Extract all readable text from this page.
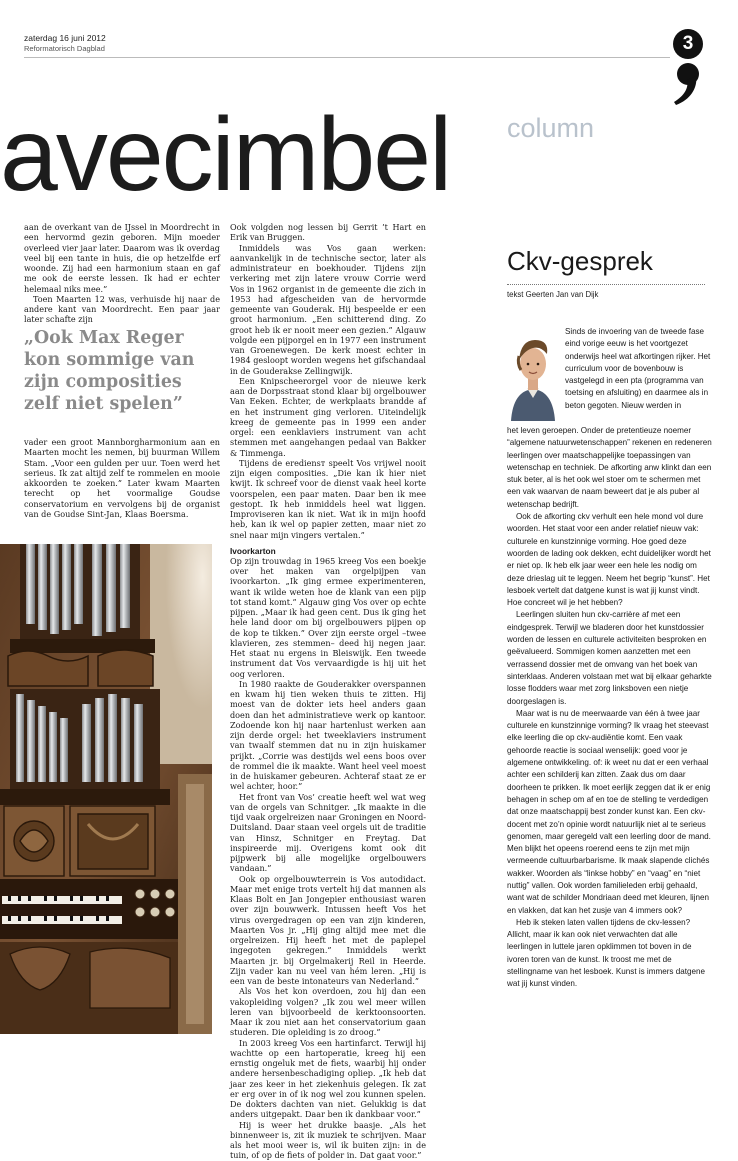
zaterdag 16 juni 2012
Reformatorisch Dagblad	3
avecimbel column

aan de overkant van de IJssel in Moordrecht in een hervormd gezin geboren. Mijn moeder overleed vier jaar later. Daarom was ik overdag veel bij een tante in huis, die op hetzelfde erf woonde. Zij had een harmonium staan en gaf me ook de eerste lessen. Ik had er echter helemaal niks mee.”

Toen Maarten 12 was, verhuisde hij naar de andere kant van Moordrecht. Een paar jaar later schafte zijn

„Ook Max Reger kon sommige van zijn composities zelf niet spelen”

vader een groot Mannborgharmonium aan en Maarten mocht les nemen, bij buurman Willem Stam. „Voor een gulden per uur. Toen werd het serieus. Ik zat altijd zelf te rommelen en mooie akkoorden te zoeken.” Later kwam Maarten terecht op het voormalige Goudse conservatorium en vervolgens bij de organist van de Goudse Sint-Jan, Klaas Boersma.

Ook volgden nog lessen bij Gerrit ’t Hart en Erik van Bruggen.

Inmiddels was Vos gaan werken: aanvankelijk in de technische sector, later als administrateur en boekhouder. Tijdens zijn verkering met zijn latere vrouw Corrie werd Vos in 1962 organist in de gemeente die zich in 1953 had afgescheiden van de hervormde gemeente van Gouderak. Hij bespeelde er een groot harmonium. „Een schitterend ding. Zo groot heb ik er nooit meer een gezien.” Algauw volgde een pijporgel en in 1977 een instrument van Groenewegen. De kerk moest echter in 1984 gesloopt worden wegens het gifschandaal in de Gouderakse Zellingwijk.

Een Knipscheerorgel voor de nieuwe kerk aan de Dorpsstraat stond klaar bij orgelbouwer Van Eeken. Echter, de werkplaats brandde af en het instrument ging verloren. Uiteindelijk kreeg de gemeente pas in 1999 een ander orgel: een eenklaviers instrument van acht stemmen met aangehangen pedaal van Bakker & Timmenga.

Tijdens de erediensт speelt Vos vrijwel nooit zijn eigen composities. „Die kan ik hier niet kwijt. Ik schreef voor de dienst vaak heel korte voorspelen, een paar maten. Daar ben ik mee gestopt. Ik heb inmiddels heel wat liggen. Improviseren kan ik niet. Wat ik in mijn hoofd heb, kan ik wel op papier zetten, maar niet zo snel naar mijn vingers vertalen.”

Ivoorkarton

Op zijn trouwdag in 1965 kreeg Vos een boekje over het maken van orgelpijpen van ivoorkarton. „Ik ging ermee experimenteren, want ik wilde weten hoe de klank van een pijp tot stand komt.” Algauw ging Vos over op echte pijpen. „Maar ik had geen cent. Dus ik ging het hele land door om bij orgelbouwers pijpen op de kop te tikken.” Over zijn eerste orgel –twee klavieren, zes stemmen– deed hij negen jaar. Het staat nu ergens in Bleiswijk. Een tweede instrument dat Vos vervaardigde is hij uit het oog verloren.

In 1980 raakte de Gouderakker overspannen en kwam hij tien weken thuis te zitten. Hij moest van de dokter iets heel anders gaan doen dan het administratieve werk op kantoor. Zodoende kon hij naar hartenlust werken aan zijn derde orgel: het tweeklaviers instrument van twaalf stemmen dat nu in zijn huiskamer prijkt. „Corrie was destijds wel eens boos over de rommel die ik maakte. Want heel veel moest in de huiskamer gebeuren. Achteraf staat ze er wel achter, hoor.”

Het front van Vos’ creatie heeft wel wat weg van de orgels van Schnitger. „Ik maakte in die tijd vaak orgelreizen naar Groningen en Noord-Duitsland. Daar staan veel orgels uit de traditie van Hinsz, Schnitger en Freytag. Dat inspireerde mij. Overigens komt ook dit pijpwerk bij alle mogelijke orgelbouwers vandaan.”

Ook op orgelbouwterrein is Vos autodidact. Maar met enige trots vertelt hij dat mannen als Klaas Bolt en Jan Jongepier enthousiast waren over zijn bouwwerk. Intussen heeft Vos het virus overgedragen op een van zijn kinderen, Maarten Vos jr. „Hij ging altijd mee met die orgelreizen. Hij heeft het met de paplepel ingegoten gekregen.” Inmiddels werkt Maarten jr. bij Orgelmakerij Reil in Heerde. Zijn vader kan nu veel van hém leren. „Hij is een van de beste intonateurs van Nederland.”

Als Vos het kon overdoen, zou hij dan een vakopleiding volgen? „Ik zou wel meer willen leren van bijvoorbeeld de kerktoonsoorten. Maar ik zou niet aan het conservatorium gaan studeren. Die opleiding is zo droog.”

In 2003 kreeg Vos een hartinfarct. Terwijl hij wachtte op een hartoperatie, kreeg hij een ernstig ongeluk met de fiets, waarbij hij onder andere hersenbeschadiging opliep. „Ik heb dat jaar zes keer in het ziekenhuis gelegen. Ik zat er erg over in of ik nog wel zou kunnen spelen. De dokters dachten van niet. Gelukkig is dat anders uitgepakt. Daar ben ik dankbaar voor.”

Hij is weer het drukke baasje. „Als het binnenweer is, zit ik muziek te schrijven. Maar als het mooi weer is, wil ik buiten zijn: in de tuin, of op de fiets of polder in. Dat gaat voor.”

Ckv-gesprek
tekst Geerten Jan van Dijk

Sinds de invoering van de tweede fase eind vorige eeuw is het voortgezet onderwijs heel wat afkortingen rijker. Het curriculum voor de bovenbouw is vastgelegd in een pta (programma van toetsing en afsluiting) en daarmee als in beton gegoten. Nieuw werden in

het leven geroepen. Onder de pretentieuze noemer “algemene natuurwetenschappen” rekenen en redeneren leerlingen over maatschappelijke toepassingen van wetenschap en techniek. De afkorting anw klinkt dan een stuk beter, al is het ook wel stoer om te schermen met een vak waarvan de naam beweert dat je als puber al wetenschap bedrijft.

Ook de afkorting ckv verhult een hele mond vol dure woorden. Het staat voor een ander relatief nieuw vak: culturele en kunstzinnige vorming. Hoe goed deze woorden de lading ook dekken, echt duidelijker wordt het er niet op. Ik heb elk jaar weer een hele les nodig om deze drieslag uit te leggen. Neem het begrip “kunst”. Het lesboek vertelt dat datgene kunst is wat jij kunst vindt. Hoe concreet wil je het hebben?

Leerlingen sluiten hun ckv-carrière af met een eindgesprek. Terwijl we bladeren door het kunstdossier worden de lessen en culturele activiteiten besproken en geëvalueerd. Sommigen komen aanzetten met een verrassend dossier met de omvang van het boek van sinterklaas. Anderen volstaan met wat bij elkaar geharkte losse flodders waar met zorg linksboven een nietje doorgeslagen is.

Maar wat is nu de meerwaarde van één à twee jaar culturele en kunstzinnige vorming? Ik vraag het steevast elke leerling die op ckv-audiëntie komt. Een vaak gehoorde reactie is sociaal wenselijk: goed voor je algemene ontwikkeling. of: ik weet nu dat er een verhaal achter een schilderij kan zitten. Zaak dus om daar doorheen te prikken. Ik moet eerlijk zeggen dat ik er enig behagen in schep om af en toe de stelling te verdedigen dat onze maatschappij best zonder kunst kan. Een ckv-docent met zo’n opinie wordt natuurlijk niet al te serieus genomen, maar geregeld valt een leerling door de mand. Men blijkt het opeens roerend eens te zijn met mijn vermeende cultuurbarbarisme. Ik maak slapende clichés wakker. Woorden als “linkse hobby” en “vaag” en “niet nuttig” vallen. Ook worden familieleden erbij gehaald, want wat de schilder Mondriaan deed met kleuren, lijnen en vlakken, dat kan het zusje van 4 immers ook?

Heb ik steken laten vallen tijdens de ckv-lessen? Allicht, maar ik kan ook niet verwachten dat alle leerlingen in luttele jaren opklimmen tot boven in de ivoren toren van de kunst. Ik troost me met de stellingname van het lesboek. Kunst is immers datgene wat jij kunst vinden.
